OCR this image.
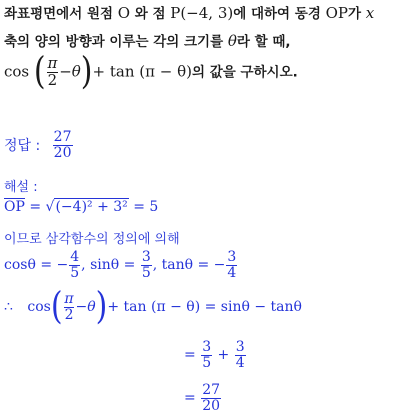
좌표평면에서 원점 O 와 점 P(−4, 3)에 대하여 동경 OP가 x
축의 양의 방향과 이루는 각의 크기를 θ라 할 때,
cos ( $\frac{\pi}{2} -\theta)+ \tan (\pi - \theta)$의 값을 구하시오.
정답 : $\frac{27}{20}$
해설 :
OP = √(−4)² + 3² = 5
이므로 삼각함수의 정의에 의해
cosθ = − $\frac{4}{5}$ , $\sin\theta = \frac{3}{5}$ , tanθ = − $\frac{3}{4}$
∴ $\cos( \frac{\pi}{2} -\theta)+ \tan (\pi - \theta) = \sin\theta - \tan\theta$
= $\frac{3}{5} + \frac{3}{4}$
= $\frac{27}{20}$
